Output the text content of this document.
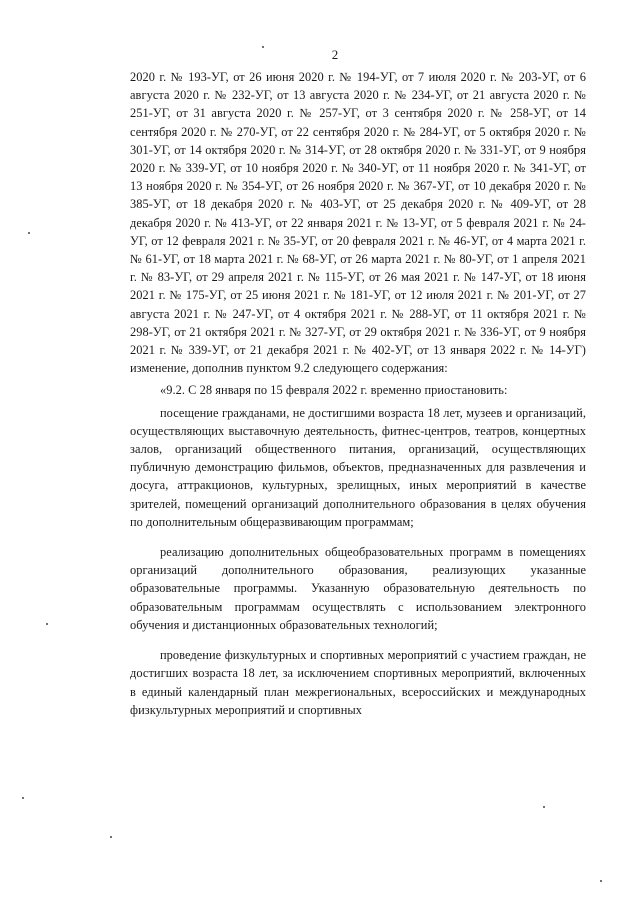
2

2020 г. № 193-УГ, от 26 июня 2020 г. № 194-УГ, от 7 июля 2020 г. № 203-УГ, от 6 августа 2020 г. № 232-УГ, от 13 августа 2020 г. № 234-УГ, от 21 августа 2020 г. № 251-УГ, от 31 августа 2020 г. № 257-УГ, от 3 сентября 2020 г. № 258-УГ, от 14 сентября 2020 г. № 270-УГ, от 22 сентября 2020 г. № 284-УГ, от 5 октября 2020 г. № 301-УГ, от 14 октября 2020 г. № 314-УГ, от 28 октября 2020 г. № 331-УГ, от 9 ноября 2020 г. № 339-УГ, от 10 ноября 2020 г. № 340-УГ, от 11 ноября 2020 г. № 341-УГ, от 13 ноября 2020 г. № 354-УГ, от 26 ноября 2020 г. № 367-УГ, от 10 декабря 2020 г. № 385-УГ, от 18 декабря 2020 г. № 403-УГ, от 25 декабря 2020 г. № 409-УГ, от 28 декабря 2020 г. № 413-УГ, от 22 января 2021 г. № 13-УГ, от 5 февраля 2021 г. № 24-УГ, от 12 февраля 2021 г. № 35-УГ, от 20 февраля 2021 г. № 46-УГ, от 4 марта 2021 г. № 61-УГ, от 18 марта 2021 г. № 68-УГ, от 26 марта 2021 г. № 80-УГ, от 1 апреля 2021 г. № 83-УГ, от 29 апреля 2021 г. № 115-УГ, от 26 мая 2021 г. № 147-УГ, от 18 июня 2021 г. № 175-УГ, от 25 июня 2021 г. № 181-УГ, от 12 июля 2021 г. № 201-УГ, от 27 августа 2021 г. № 247-УГ, от 4 октября 2021 г. № 288-УГ, от 11 октября 2021 г. № 298-УГ, от 21 октября 2021 г. № 327-УГ, от 29 октября 2021 г. № 336-УГ, от 9 ноября 2021 г. № 339-УГ, от 21 декабря 2021 г. № 402-УГ, от 13 января 2022 г. № 14-УГ) изменение, дополнив пунктом 9.2 следующего содержания:

«9.2. С 28 января по 15 февраля 2022 г. временно приостановить:

посещение гражданами, не достигшими возраста 18 лет, музеев и организаций, осуществляющих выставочную деятельность, фитнес-центров, театров, концертных залов, организаций общественного питания, организаций, осуществляющих публичную демонстрацию фильмов, объектов, предназначенных для развлечения и досуга, аттракционов, культурных, зрелищных, иных мероприятий в качестве зрителей, помещений организаций дополнительного образования в целях обучения по дополнительным общеразвивающим программам;

реализацию дополнительных общеобразовательных программ в помещениях организаций дополнительного образования, реализующих указанные образовательные программы. Указанную образовательную деятельность по образовательным программам осуществлять с использованием электронного обучения и дистанционных образовательных технологий;

проведение физкультурных и спортивных мероприятий с участием граждан, не достигших возраста 18 лет, за исключением спортивных мероприятий, включенных в единый календарный план межрегиональных, всероссийских и международных физкультурных мероприятий и спортивных
